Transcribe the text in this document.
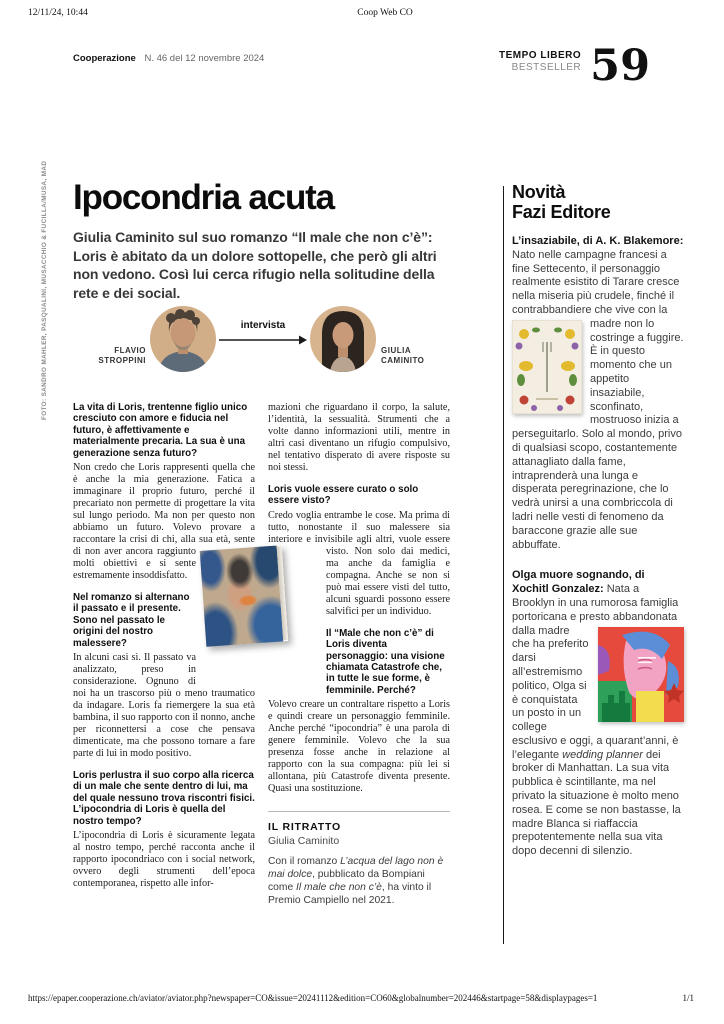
12/11/24, 10:44	Coop Web CO
Cooperazione N. 46 del 12 novembre 2024	TEMPO LIBERO
BESTSELLER 59
FOTO: SANDRO MAHLER, PASQUALINI, MUSACCHIO & FUCILLA/MUSA, MAD Ipocondria acuta
Giulia Caminito sul suo romanzo “Il male che non c’è”: Loris è abitato da un dolore sottopelle, che però gli altri non vedono. Così lui cerca rifugio nella solitudine della rete e dei social.
FLAVIO STROPPINI
intervista
GIULIA CAMINITO
La vita di Loris, trentenne figlio unico cresciuto con amore e fiducia nel futuro, è affettivamente e materialmente precaria. La sua è una generazione senza futuro?
Non credo che Loris rappresenti quella che è anche la mia generazione. Fatica a immaginare il proprio futuro, perché il precariato non permette di progettare la vita sul lungo periodo. Ma non per questo non abbiamo un futuro. Volevo provare a raccontare la crisi di chi, alla sua età,
sente di non aver ancora raggiunto molti obiettivi e si sente estremamente insoddisfatto.
Nel romanzo si alternano il passato e il presente. Sono nel passato le origini del nostro malessere?
In alcuni casi sì. Il passato va analizzato, preso in considerazione. Ognuno di noi ha un trascorso più o meno traumatico da indagare. Loris fa riemergere la sua età bambina, il suo rapporto con il nonno, anche per riconnettersi a cose che pensava dimenticate, ma che possono tornare a fare parte di lui in modo positivo.
Loris perlustra il suo corpo alla ricerca di un male che sente dentro di lui, ma del quale nessuno trova riscontri fisici. L’ipocondria di Loris è quella del nostro tempo?
L’ipocondria di Loris è sicuramente legata al nostro tempo, perché racconta anche il rapporto ipocondriaco con i social network, ovvero degli strumenti dell’epoca contemporanea, rispetto alle infor-
mazioni che riguardano il corpo, la salute, l’identità, la sessualità. Strumenti che a volte danno informazioni utili, mentre in altri casi diventano un rifugio compulsivo, nel tentativo disperato di avere risposte su noi stessi.
Loris vuole essere curato o solo essere visto?
Credo voglia entrambe le cose. Ma prima di tutto, nonostante il suo malessere sia interiore e invisibile agli altri, vuole
essere visto. Non solo dai medici, ma anche da famiglia e compagna. Anche se non si può mai essere visti del tutto, alcuni sguardi possono essere salvifici per un individuo.
Il “Male che non c’è” di Loris diventa personaggio: una visione chiamata Catastrofe che, in tutte le sue forme, è femminile. Perché?
Volevo creare un contraltare rispetto a Loris e quindi creare un personaggio femminile. Anche perché “ipocondria” è una parola di genere femminile. Volevo che la sua presenza fosse anche in relazione al rapporto con la sua compagna: più lei si allontana, più Catastrofe diventa presente. Quasi una sostituzione.
IL RITRATTO
Giulia Caminito
Con il romanzo L’acqua del lago non è mai dolce, pubblicato da Bompiani come Il male che non c’è, ha vinto il Premio Campiello nel 2021.
Novità
Fazi Editore
L’insaziabile, di A. K. Blakemore: Nato nelle campagne francesi a fine Settecento, il personaggio realmente esistito di Tarare cresce nella miseria più crudele, finché il contrabbandiere che vive con la madre non lo
costringe a fuggire. È in questo momento che un appetito insaziabile, sconfinato, mostruoso inizia a perseguitarlo. Solo al mondo, privo di qualsiasi scopo, costantemente attanagliato dalla fame, intraprenderà una lunga e disperata peregrinazione, che lo vedrà unirsi a una combriccola di ladri nelle vesti di fenomeno da baraccone grazie alle sue abbuffate.
Olga muore sognando, di Xochitl Gonzalez: Nata a Brooklyn in una rumorosa famiglia portoricana e presto abbandonata dalla madre
che ha preferito darsi all’estremismo politico, Olga si è conquistata un posto in un college esclusivo e oggi, a quarant’anni, è l’elegante wedding planner dei broker di Manhattan. La sua vita pubblica è scintillante, ma nel privato la situazione è molto meno rosea. E come se non bastasse, la madre Blanca si riaffaccia prepotentemente nella sua vita dopo decenni di silenzio.
https://epaper.cooperazione.ch/aviator/aviator.php?newspaper=CO&issue=20241112&edition=CO60&globalnumber=202446&startpage=58&displaypages=1	1/1
